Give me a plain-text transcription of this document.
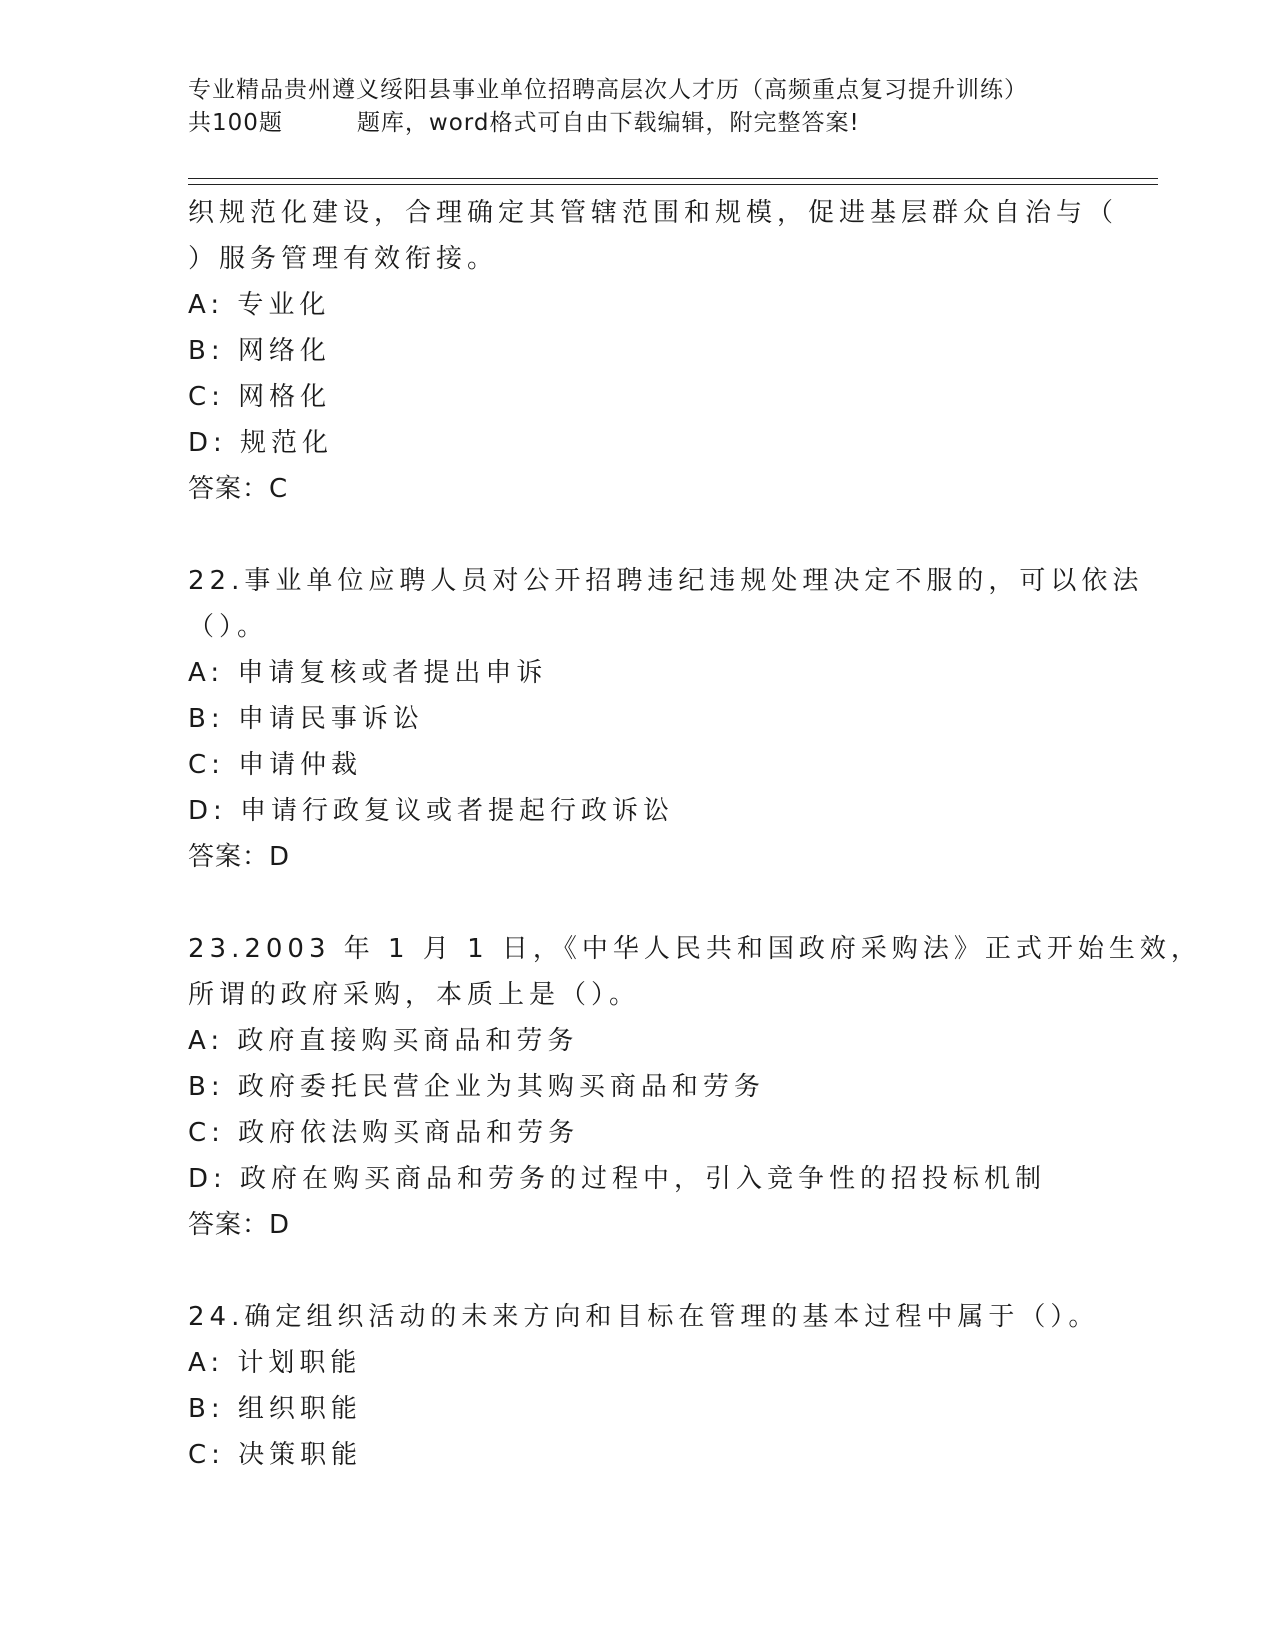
专业精品贵州遵义绥阳县事业单位招聘高层次人才历（高频重点复习提升训练）
共100题	题库，word格式可自由下载编辑，附完整答案!
织规范化建设，合理确定其管辖范围和规模，促进基层群众自治与（
）服务管理有效衔接。
A: 专业化
B: 网络化
C: 网格化
D: 规范化
答案：C
22.事业单位应聘人员对公开招聘违纪违规处理决定不服的，可以依法
（）。
A: 申请复核或者提出申诉
B: 申请民事诉讼
C: 申请仲裁
D: 申请行政复议或者提起行政诉讼
答案：D
23.2003 年 1 月 1 日，《中华人民共和国政府采购法》正式开始生效，
所谓的政府采购，本质上是（）。
A: 政府直接购买商品和劳务
B: 政府委托民营企业为其购买商品和劳务
C: 政府依法购买商品和劳务
D: 政府在购买商品和劳务的过程中，引入竞争性的招投标机制
答案：D
24.确定组织活动的未来方向和目标在管理的基本过程中属于（）。
A: 计划职能
B: 组织职能
C: 决策职能
